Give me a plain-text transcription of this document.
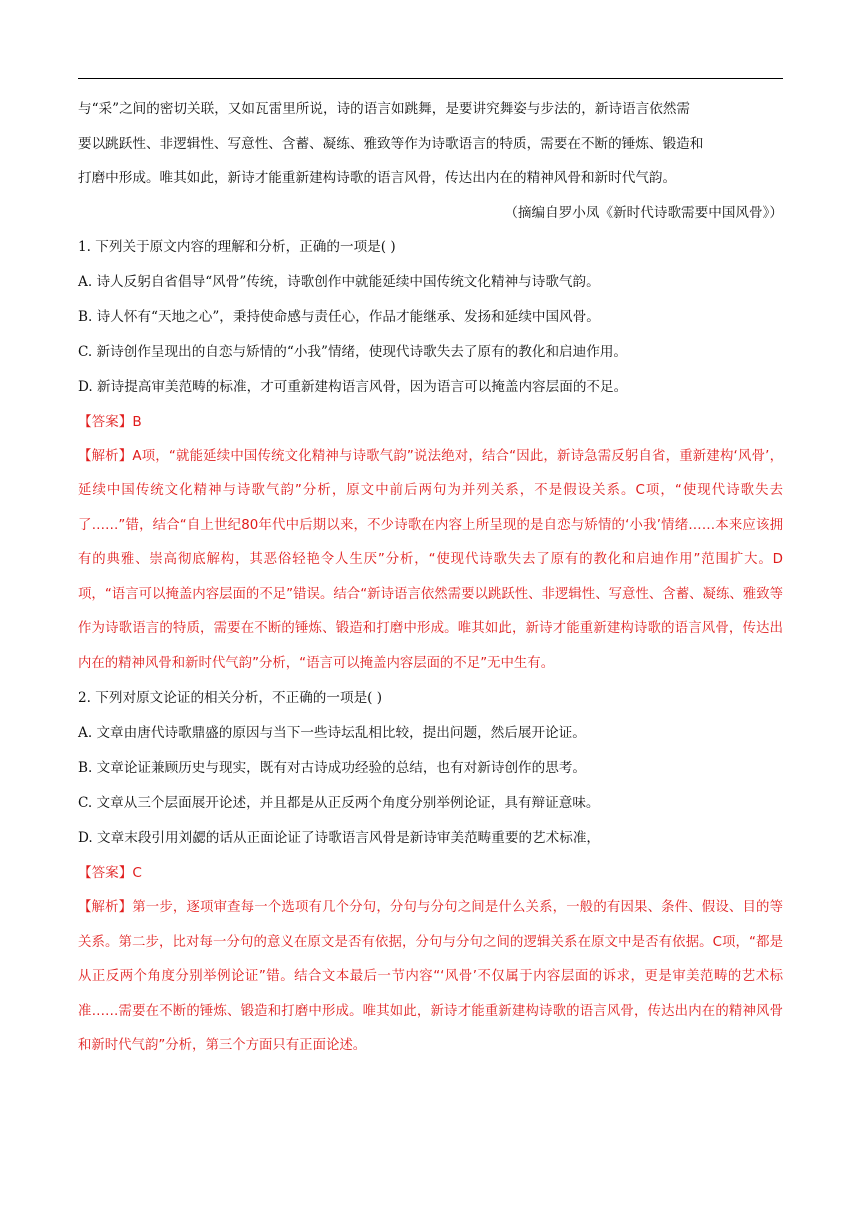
与“采”之间的密切关联，又如瓦雷里所说，诗的语言如跳舞，是要讲究舞姿与步法的，新诗语言依然需

要以跳跃性、非逻辑性、写意性、含蓄、凝练、雅致等作为诗歌语言的特质，需要在不断的锤炼、锻造和

打磨中形成。唯其如此，新诗才能重新建构诗歌的语言风骨，传达出内在的精神风骨和新时代气韵。

（摘编自罗小凤《新时代诗歌需要中国风骨》）

1. 下列关于原文内容的理解和分析，正确的一项是( )

A. 诗人反躬自省倡导“风骨”传统，诗歌创作中就能延续中国传统文化精神与诗歌气韵。

B. 诗人怀有“天地之心”，秉持使命感与责任心，作品才能继承、发扬和延续中国风骨。

C. 新诗创作呈现出的自恋与矫情的“小我”情绪，使现代诗歌失去了原有的教化和启迪作用。

D. 新诗提高审美范畴的标准，才可重新建构语言风骨，因为语言可以掩盖内容层面的不足。

【答案】B

【解析】A项，“就能延续中国传统文化精神与诗歌气韵”说法绝对，结合“因此，新诗急需反躬自省，重新建构‘风骨’，延续中国传统文化精神与诗歌气韵”分析，原文中前后两句为并列关系，不是假设关系。C项，“使现代诗歌失去了……”错，结合“自上世纪80年代中后期以来，不少诗歌在内容上所呈现的是自恋与矫情的‘小我’情绪……本来应该拥有的典雅、崇高彻底解构，其恶俗轻艳令人生厌”分析，“使现代诗歌失去了原有的教化和启迪作用”范围扩大。D项，“语言可以掩盖内容层面的不足”错误。结合“新诗语言依然需要以跳跃性、非逻辑性、写意性、含蓄、凝练、雅致等作为诗歌语言的特质，需要在不断的锤炼、锻造和打磨中形成。唯其如此，新诗才能重新建构诗歌的语言风骨，传达出内在的精神风骨和新时代气韵”分析，“语言可以掩盖内容层面的不足”无中生有。

2. 下列对原文论证的相关分析，不正确的一项是( )

A. 文章由唐代诗歌鼎盛的原因与当下一些诗坛乱相比较，提出问题，然后展开论证。

B. 文章论证兼顾历史与现实，既有对古诗成功经验的总结，也有对新诗创作的思考。

C. 文章从三个层面展开论述，并且都是从正反两个角度分别举例论证，具有辩证意味。

D. 文章末段引用刘勰的话从正面论证了诗歌语言风骨是新诗审美范畴重要的艺术标准，

【答案】C

【解析】第一步，逐项审查每一个选项有几个分句，分句与分句之间是什么关系，一般的有因果、条件、假设、目的等关系。第二步，比对每一分句的意义在原文是否有依据，分句与分句之间的逻辑关系在原文中是否有依据。C项，“都是从正反两个角度分别举例论证”错。结合文本最后一节内容“‘风骨’不仅属于内容层面的诉求，更是审美范畴的艺术标准……需要在不断的锤炼、锻造和打磨中形成。唯其如此，新诗才能重新建构诗歌的语言风骨，传达出内在的精神风骨和新时代气韵”分析，第三个方面只有正面论述。
